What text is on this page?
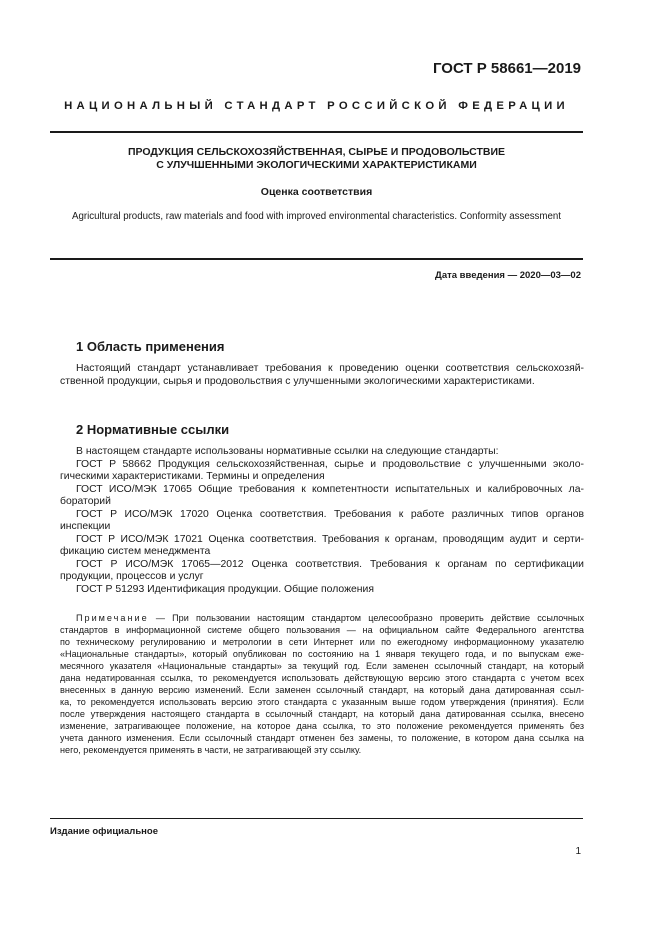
ГОСТ Р 58661—2019
НАЦИОНАЛЬНЫЙ СТАНДАРТ РОССИЙСКОЙ ФЕДЕРАЦИИ
ПРОДУКЦИЯ СЕЛЬСКОХОЗЯЙСТВЕННАЯ, СЫРЬЕ И ПРОДОВОЛЬСТВИЕ
С УЛУЧШЕННЫМИ ЭКОЛОГИЧЕСКИМИ ХАРАКТЕРИСТИКАМИ
Оценка соответствия
Agricultural products, raw materials and food with improved environmental characteristics. Conformity assessment
Дата введения — 2020—03—02
1 Область применения
Настоящий стандарт устанавливает требования к проведению оценки соответствия сельскохозяй-
ственной продукции, сырья и продовольствия с улучшенными экологическими характеристиками.
2 Нормативные ссылки
В настоящем стандарте использованы нормативные ссылки на следующие стандарты:
ГОСТ Р 58662 Продукция сельскохозяйственная, сырье и продовольствие с улучшенными эколо-
гическими характеристиками. Термины и определения
ГОСТ ИСО/МЭК 17065 Общие требования к компетентности испытательных и калибровочных ла-
бораторий
ГОСТ Р ИСО/МЭК 17020 Оценка соответствия. Требования к работе различных типов органов
инспекции
ГОСТ Р ИСО/МЭК 17021 Оценка соответствия. Требования к органам, проводящим аудит и серти-
фикацию систем менеджмента
ГОСТ Р ИСО/МЭК 17065—2012 Оценка соответствия. Требования к органам по сертификации
продукции, процессов и услуг
ГОСТ Р 51293 Идентификация продукции. Общие положения
Примечание — При пользовании настоящим стандартом целесообразно проверить действие ссылочных
стандартов в информационной системе общего пользования — на официальном сайте Федерального агентства
по техническому регулированию и метрологии в сети Интернет или по ежегодному информационному указателю
«Национальные стандарты», который опубликован по состоянию на 1 января текущего года, и по выпускам еже-
месячного указателя «Национальные стандарты» за текущий год. Если заменен ссылочный стандарт, на который
дана недатированная ссылка, то рекомендуется использовать действующую версию этого стандарта с учетом всех
внесенных в данную версию изменений. Если заменен ссылочный стандарт, на который дана датированная ссыл-
ка, то рекомендуется использовать версию этого стандарта с указанным выше годом утверждения (принятия). Если
после утверждения настоящего стандарта в ссылочный стандарт, на который дана датированная ссылка, внесено
изменение, затрагивающее положение, на которое дана ссылка, то это положение рекомендуется применять без
учета данного изменения. Если ссылочный стандарт отменен без замены, то положение, в котором дана ссылка на
него, рекомендуется применять в части, не затрагивающей эту ссылку.
Издание официальное
1
